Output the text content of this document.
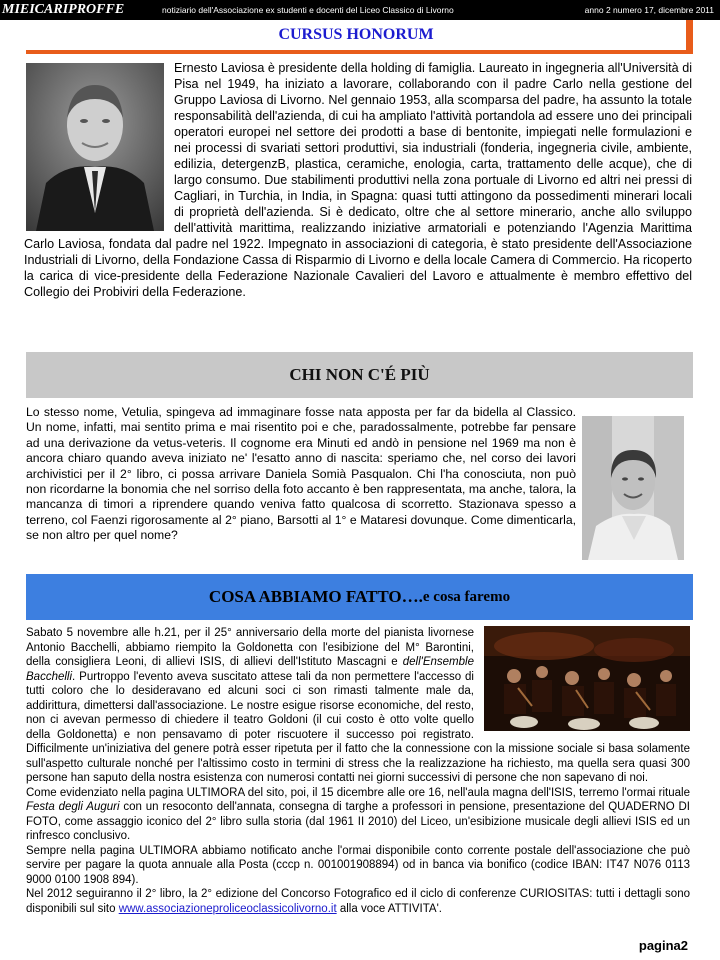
MIEICARIPROFFE	notiziario dell'Associazione ex studenti e docenti del Liceo Classico di Livorno	anno 2 numero 17, dicembre 2011
CURSUS HONORUM

Ernesto Laviosa è presidente della holding di famiglia. Laureato in ingegneria all'Università di Pisa nel 1949, ha iniziato a lavorare, collaborando con il padre Carlo nella gestione del Gruppo Laviosa di Livorno. Nel gennaio 1953, alla scomparsa del padre, ha assunto la totale responsabilità dell'azienda, di cui ha ampliato l'attività portandola ad essere uno dei principali operatori europei nel settore dei prodotti a base di bentonite, impiegati nelle formulazioni e nei processi di svariati settori produttivi, sia industriali (fonderia, ingegneria civile, ambiente, edilizia, detergenzB, plastica, ceramiche, enologia, carta, trattamento delle acque), che di largo consumo. Due stabilimenti produttivi nella zona portuale di Livorno ed altri nei pressi di Cagliari, in Turchia, in India, in Spagna: quasi tutti attingono da possedimenti minerari locali di proprietà dell'azienda. Si è dedicato, oltre che al settore minerario, anche allo sviluppo dell'attività marittima, realizzando iniziative armatoriali e potenziando l'Agenzia Marittima Carlo Laviosa, fondata dal padre nel 1922. Impegnato in associazioni di categoria, è stato presidente dell'Associazione Industriali di Livorno, della Fondazione Cassa di Risparmio di Livorno e della locale Camera di Commercio. Ha ricoperto la carica di vice-presidente della Federazione Nazionale Cavalieri del Lavoro e attualmente è membro effettivo del Collegio dei Probiviri della Federazione.

CHI NON C'É PIÙ

Lo stesso nome, Vetulia, spingeva ad immaginare fosse nata apposta per far da bidella al Classico. Un nome, infatti, mai sentito prima e mai risentito poi e che, paradossalmente, potrebbe far pensare ad una derivazione da vetus-veteris. Il cognome era Minuti ed andò in pensione nel 1969 ma non è ancora chiaro quando aveva iniziato ne' l'esatto anno di nascita: speriamo che, nel corso dei lavori archivistici per il 2° libro, ci possa arrivare Daniela Somià Pasqualon. Chi l'ha conosciuta, non può non ricordarne la bonomia che nel sorriso della foto accanto è ben rappresentata, ma anche, talora, la mancanza di timori a riprendere quando veniva fatto qualcosa di scorretto. Stazionava spesso a terreno, col Faenzi rigorosamente al 2° piano, Barsotti al 1° e Mataresi dovunque. Come dimenticarla, se non altro per quel nome?

COSA ABBIAMO FATTO…. e cosa faremo

Sabato 5 novembre alle h.21, per il 25° anniversario della morte del pianista livornese Antonio Bacchelli, abbiamo riempito la Goldonetta con l'esibizione del M° Barontini, della consigliera Leoni, di allievi ISIS, di allievi dell'Istituto Mascagni e dell'Ensemble Bacchelli. Purtroppo l'evento aveva suscitato attese tali da non permettere l'accesso di tutti coloro che lo desideravano ed alcuni soci ci son rimasti talmente male da, addirittura, dimettersi dall'associazione. Le nostre esigue risorse economiche, del resto, non ci avevan permesso di chiedere il teatro Goldoni (il cui costo è otto volte quello della Goldonetta) e non pensavamo di poter riscuotere il successo poi registrato. Difficilmente un'iniziativa del genere potrà esser ripetuta per il fatto che la connessione con la missione sociale si basa solamente sull'aspetto culturale nonché per l'altissimo costo in termini di stress che la realizzazione ha richiesto, ma quella sera quasi 300 persone han saputo della nostra esistenza con numerosi contatti nei giorni successivi di persone che non sapevano di noi.

Come evidenziato nella pagina ULTIMORA del sito, poi, il 15 dicembre alle ore 16, nell'aula magna dell'ISIS, terremo l'ormai rituale Festa degli Auguri con un resoconto dell'annata, consegna di targhe a professori in pensione, presentazione del QUADERNO DI FOTO, come assaggio iconico del 2° libro sulla storia (dal 1961 II 2010) del Liceo, un'esibizione musicale degli allievi ISIS ed un rinfresco conclusivo.

Sempre nella pagina ULTIMORA abbiamo notificato anche l'ormai disponibile conto corrente postale dell'associazione che può servire per pagare la quota annuale alla Posta (cccp n. 001001908894) od in banca via bonifico (codice IBAN: IT47 N076 0113 9000 0100 1908 894).

Nel 2012 seguiranno il 2° libro, la 2° edizione del Concorso Fotografico ed il ciclo di conferenze CURIOSITAS: tutti i dettagli sono disponibili sul sito www.associazioneproliceoclassicolivorno.it alla voce ATTIVITA'.

pagina2
